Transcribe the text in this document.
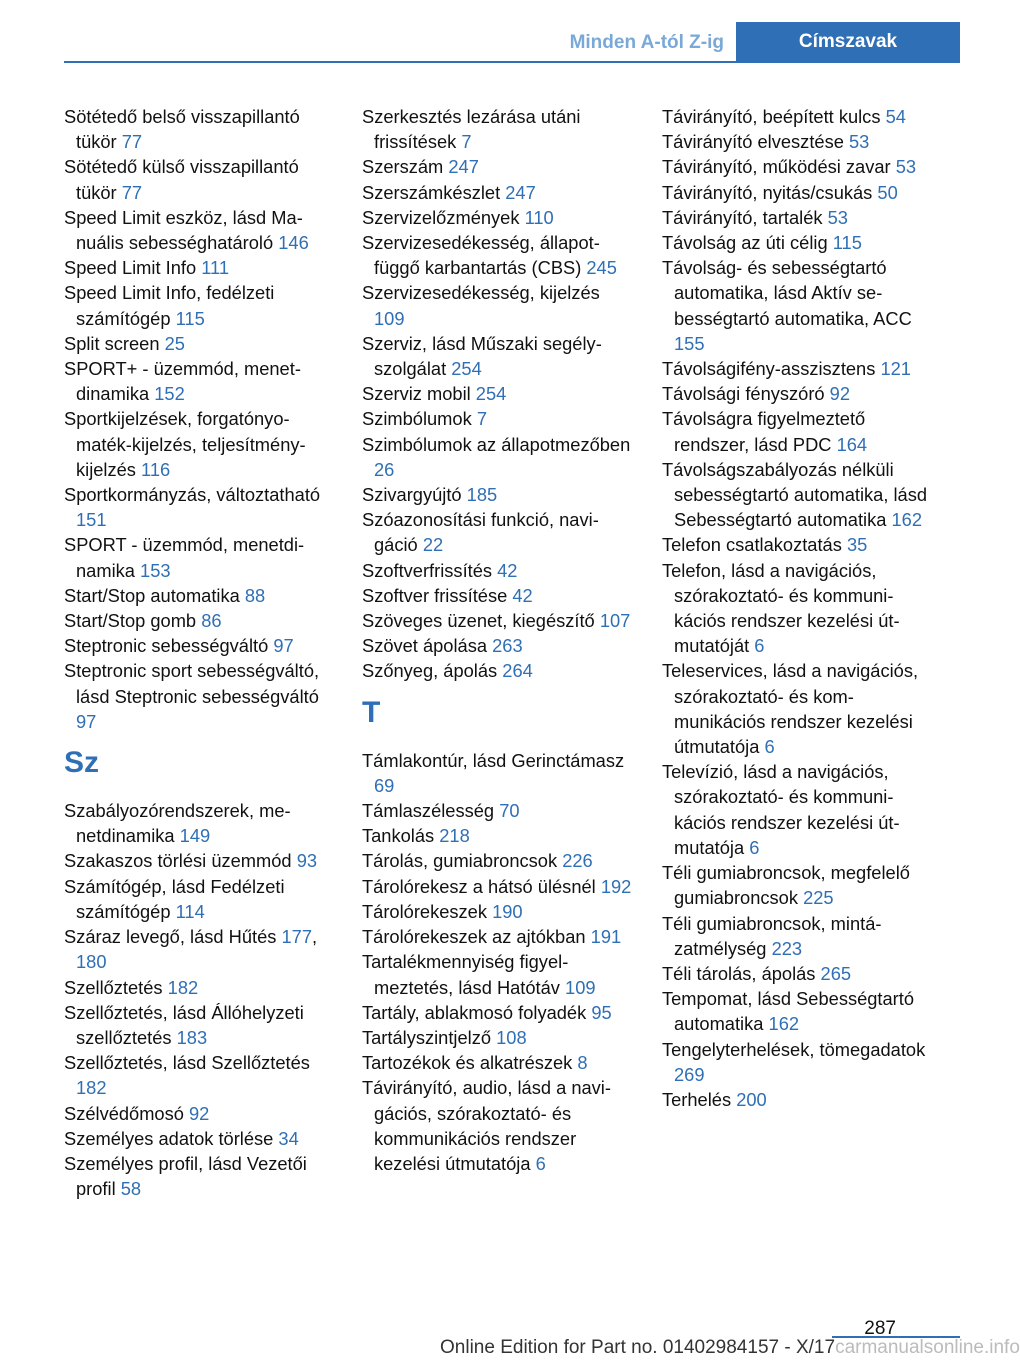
Minden A-tól Z-ig	Címszavak
Sötétedő belső visszapillantó tükör 77
Sötétedő külső visszapillantó tükör 77
Speed Limit eszköz, lásd Manuális sebességhatároló 146
Speed Limit Info 111
Speed Limit Info, fedélzeti számítógép 115
Split screen 25
SPORT+ - üzemmód, menetdinamika 152
Sportkijelzések, forgatónyomaték-kijelzés, teljesítmény-kijelzés 116
Sportkormányzás, változtatható 151
SPORT - üzemmód, menetdinamika 153
Start/Stop automatika 88
Start/Stop gomb 86
Steptronic sebességváltó 97
Steptronic sport sebességváltó, lásd Steptronic sebességváltó 97
Sz
Szabályozórendszerek, menetdinamika 149
Szakaszos törlési üzemmód 93
Számítógép, lásd Fedélzeti számítógép 114
Száraz levegő, lásd Hűtés 177, 180
Szellőztetés 182
Szellőztetés, lásd Állóhelyzeti szellőztetés 183
Szellőztetés, lásd Szellőztetés 182
Szélvédőmosó 92
Személyes adatok törlése 34
Személyes profil, lásd Vezetői profil 58
Szerkesztés lezárása utáni frissítések 7
Szerszám 247
Szerszámkészlet 247
Szervizelőzmények 110
Szervizesedékesség, állapotfüggő karbantartás (CBS) 245
Szervizesedékesség, kijelzés 109
Szerviz, lásd Műszaki segélyszolgálat 254
Szerviz mobil 254
Szimbólumok 7
Szimbólumok az állapotmezőben 26
Szivargyújtó 185
Szóazonosítási funkció, navigáció 22
Szoftverfrissítés 42
Szoftver frissítése 42
Szöveges üzenet, kiegészítő 107
Szövet ápolása 263
Szőnyeg, ápolás 264
T
Támlakontúr, lásd Gerinctámasz 69
Támlaszélesség 70
Tankolás 218
Tárolás, gumiabroncsok 226
Tárolórekesz a hátsó ülésnél 192
Tárolórekeszek 190
Tárolórekeszek az ajtókban 191
Tartalékmennyiség figyelmeztetés, lásd Hatótáv 109
Tartály, ablakmosó folyadék 95
Tartályszintjelző 108
Tartozékok és alkatrészek 8
Távirányító, audio, lásd a navigációs, szórakoztató- és kommunikációs rendszer kezelési útmutatója 6
Távirányító, beépített kulcs 54
Távirányító elvesztése 53
Távirányító, működési zavar 53
Távirányító, nyitás/csukás 50
Távirányító, tartalék 53
Távolság az úti célig 115
Távolság- és sebességtartó automatika, lásd Aktív sebességtartó automatika, ACC 155
Távolságifény-asszisztens 121
Távolsági fényszóró 92
Távolságra figyelmeztető rendszer, lásd PDC 164
Távolságszabályozás nélküli sebességtartó automatika, lásd Sebességtartó automatika 162
Telefon csatlakoztatás 35
Telefon, lásd a navigációs, szórakoztató- és kommunikációs rendszer kezelési útmutatóját 6
Teleservices, lásd a navigációs, szórakoztató- és kommunikációs rendszer kezelési útmutatója 6
Televízió, lásd a navigációs, szórakoztató- és kommunikációs rendszer kezelési útmutatója 6
Téli gumiabroncsok, megfelelő gumiabroncsok 225
Téli gumiabroncsok, mintázatmélység 223
Téli tárolás, ápolás 265
Tempomat, lásd Sebességtartó automatika 162
Tengelyterhelések, tömegadatok 269
Terhelés 200
287
Online Edition for Part no. 01402984157 - X/17carmanualsonline.info
